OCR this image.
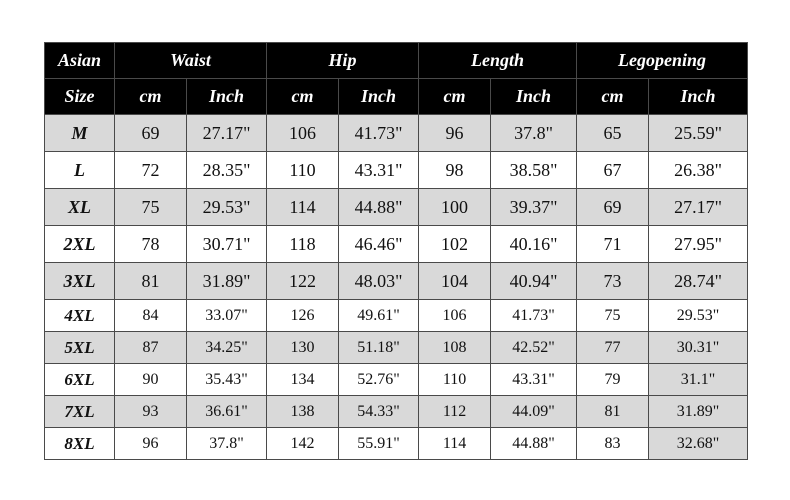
Asian	Waist		Hip		Length		Legopening	
Size	cm	Inch	cm	Inch	cm	Inch	cm	Inch
M	69	27.17"	106	41.73"	96	37.8"	65	25.59"
L	72	28.35"	110	43.31"	98	38.58"	67	26.38"
XL	75	29.53"	114	44.88"	100	39.37"	69	27.17"
2XL	78	30.71"	118	46.46"	102	40.16"	71	27.95"
3XL	81	31.89"	122	48.03"	104	40.94"	73	28.74"
4XL	84	33.07"	126	49.61"	106	41.73"	75	29.53"
5XL	87	34.25"	130	51.18"	108	42.52"	77	30.31"
6XL	90	35.43"	134	52.76"	110	43.31"	79	31.1"
7XL	93	36.61"	138	54.33"	112	44.09"	81	31.89"
8XL	96	37.8"	142	55.91"	114	44.88"	83	32.68"
